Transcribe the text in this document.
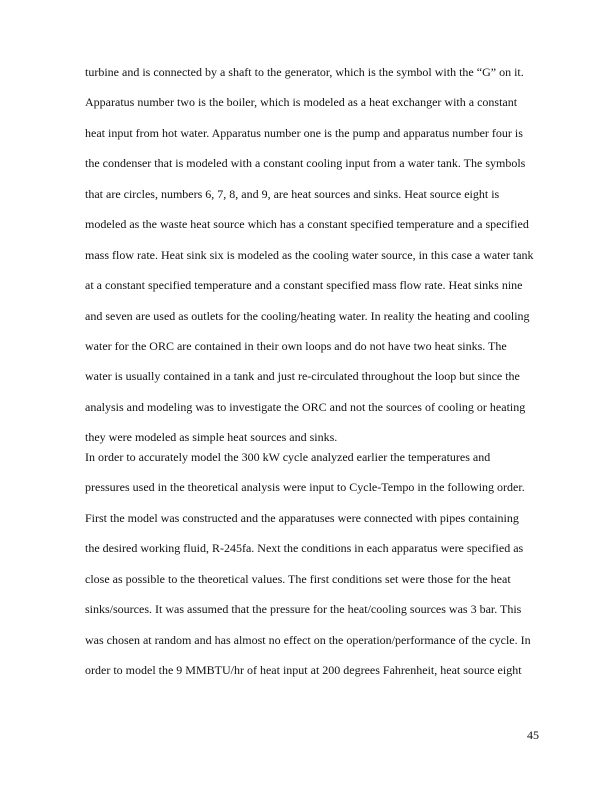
turbine and is connected by a shaft to the generator, which is the symbol with the “G” on it.
Apparatus number two is the boiler, which is modeled as a heat exchanger with a constant
heat input from hot water. Apparatus number one is the pump and apparatus number four is
the condenser that is modeled with a constant cooling input from a water tank. The symbols
that are circles, numbers 6, 7, 8, and 9, are heat sources and sinks. Heat source eight is
modeled as the waste heat source which has a constant specified temperature and a specified
mass flow rate. Heat sink six is modeled as the cooling water source, in this case a water tank
at a constant specified temperature and a constant specified mass flow rate. Heat sinks nine
and seven are used as outlets for the cooling/heating water. In reality the heating and cooling
water for the ORC are contained in their own loops and do not have two heat sinks. The
water is usually contained in a tank and just re-circulated throughout the loop but since the
analysis and modeling was to investigate the ORC and not the sources of cooling or heating
they were modeled as simple heat sources and sinks.
In order to accurately model the 300 kW cycle analyzed earlier the temperatures and
pressures used in the theoretical analysis were input to Cycle-Tempo in the following order.
First the model was constructed and the apparatuses were connected with pipes containing
the desired working fluid, R-245fa. Next the conditions in each apparatus were specified as
close as possible to the theoretical values. The first conditions set were those for the heat
sinks/sources. It was assumed that the pressure for the heat/cooling sources was 3 bar. This
was chosen at random and has almost no effect on the operation/performance of the cycle. In
order to model the 9 MMBTU/hr of heat input at 200 degrees Fahrenheit, heat source eight
45
